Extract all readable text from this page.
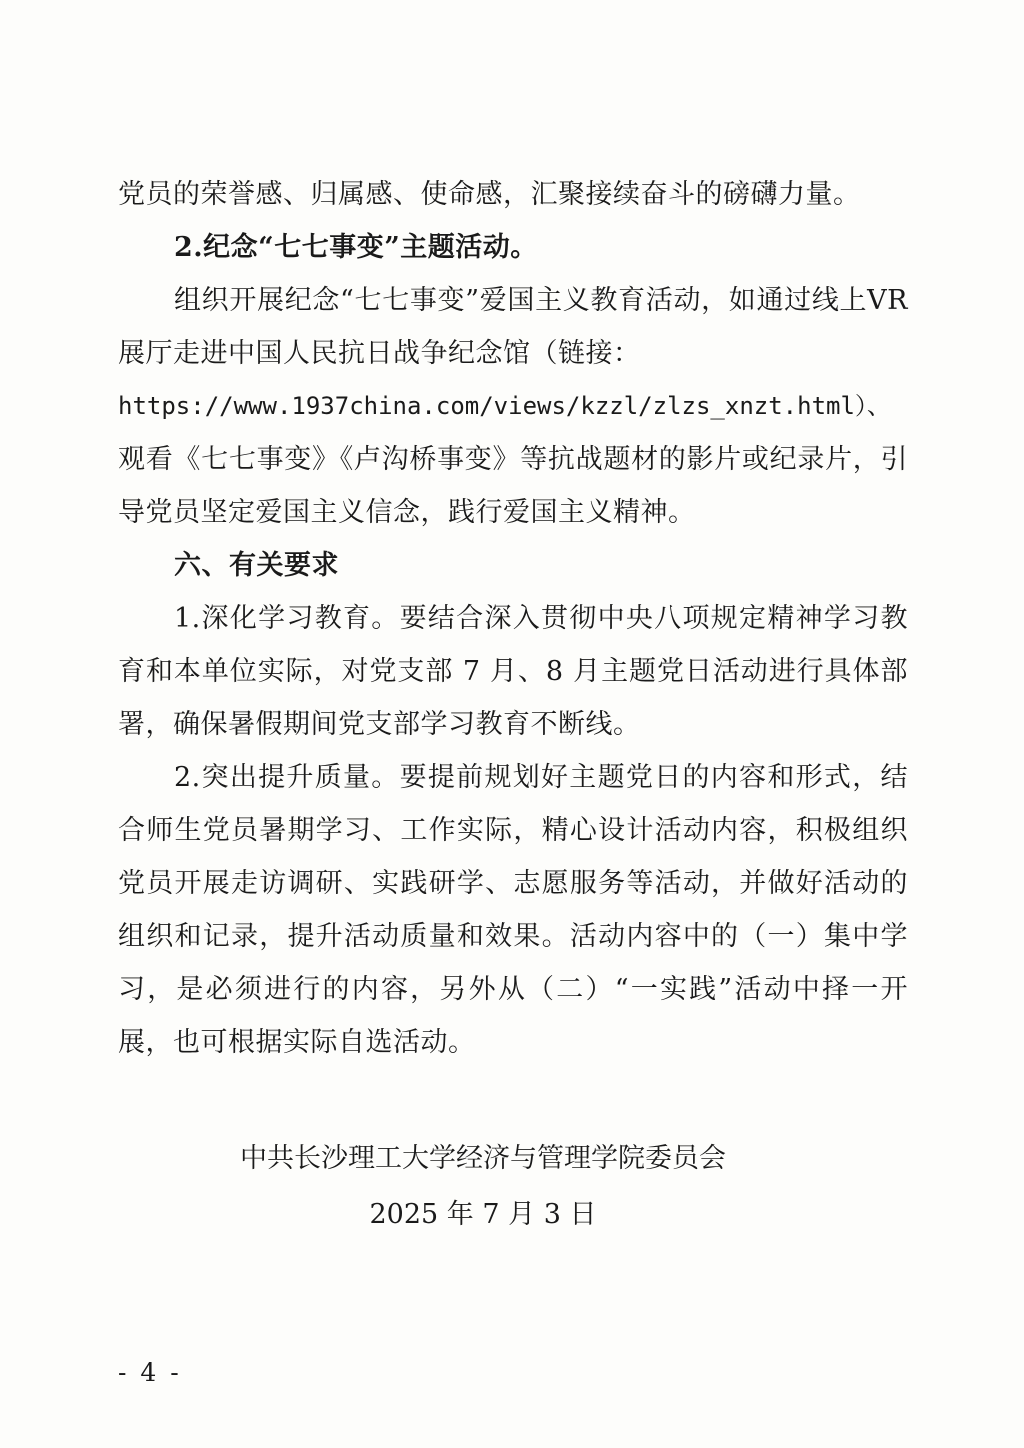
党员的荣誉感、归属感、使命感，汇聚接续奋斗的磅礴力量。

2.纪念“七七事变”主题活动。

组织开展纪念“七七事变”爱国主义教育活动，如通过线上VR 展厅走进中国人民抗日战争纪念馆（链接：

https://www.1937china.com/views/kzzl/zlzs_xnzt.html）、

观看《七七事变》《卢沟桥事变》等抗战题材的影片或纪录片，引导党员坚定爱国主义信念，践行爱国主义精神。

六、有关要求

1.深化学习教育。要结合深入贯彻中央八项规定精神学习教育和本单位实际，对党支部 7 月、8 月主题党日活动进行具体部署，确保暑假期间党支部学习教育不断线。

2.突出提升质量。要提前规划好主题党日的内容和形式，结合师生党员暑期学习、工作实际，精心设计活动内容，积极组织党员开展走访调研、实践研学、志愿服务等活动，并做好活动的组织和记录，提升活动质量和效果。活动内容中的（一）集中学习，是必须进行的内容，另外从（二）“一实践”活动中择一开展，也可根据实际自选活动。

中共长沙理工大学经济与管理学院委员会
2025 年 7 月 3 日
- 4 -
